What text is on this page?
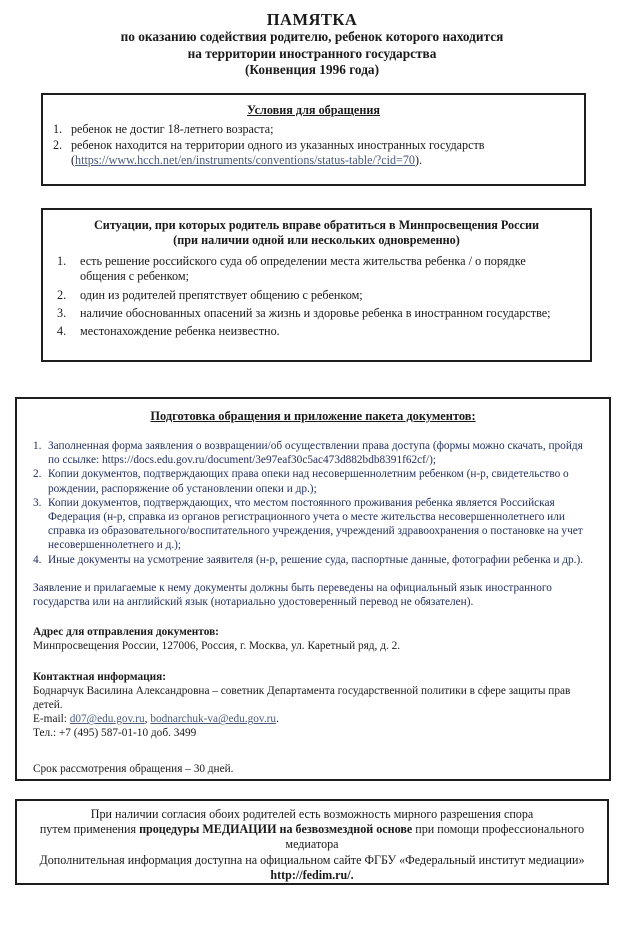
ПАМЯТКА
по оказанию содействия родителю, ребенок которого находится
на территории иностранного государства
(Конвенция 1996 года)
Условия для обращения
1. ребенок не достиг 18-летнего возраста;
2. ребенок находится на территории одного из указанных иностранных государств
(https://www.hcch.net/en/instruments/conventions/status-table/?cid=70).
Ситуации, при которых родитель вправе обратиться в Минпросвещения России
(при наличии одной или нескольких одновременно)
1. есть решение российского суда об определении места жительства ребенка / о порядке общения с ребенком;
2. один из родителей препятствует общению с ребенком;
3. наличие обоснованных опасений за жизнь и здоровье ребенка в иностранном государстве;
4. местонахождение ребенка неизвестно.
Подготовка обращения и приложение пакета документов:
1. Заполненная форма заявления о возвращении/об осуществлении права доступа (формы можно скачать, пройдя по ссылке: https://docs.edu.gov.ru/document/3e97eaf30c5ac473d882bdb8391f62cf/);
2. Копии документов, подтверждающих права опеки над несовершеннолетним ребенком (н-р, свидетельство о рождении, распоряжение об установлении опеки и др.);
3. Копии документов, подтверждающих, что местом постоянного проживания ребенка является Российская Федерация (н-р, справка из органов регистрационного учета о месте жительства несовершеннолетнего или справка из образовательного/воспитательного учреждения, учреждений здравоохранения о постановке на учет несовершеннолетнего и д.);
4. Иные документы на усмотрение заявителя (н-р, решение суда, паспортные данные, фотографии ребенка и др.).
Заявление и прилагаемые к нему документы должны быть переведены на официальный язык иностранного государства или на английский язык (нотариально удостоверенный перевод не обязателен).
Адрес для отправления документов:
Минпросвещения России, 127006, Россия, г. Москва, ул. Каретный ряд, д. 2.
Контактная информация:
Боднарчук Василина Александровна – советник Департамента государственной политики в сфере защиты прав детей.
E-mail: d07@edu.gov.ru, bodnarchuk-va@edu.gov.ru.
Тел.: +7 (495) 587-01-10 доб. 3499
Срок рассмотрения обращения – 30 дней.
При наличии согласия обоих родителей есть возможность мирного разрешения спора
путем применения процедуры МЕДИАЦИИ на безвозмездной основе при помощи профессионального
медиатора
Дополнительная информация доступна на официальном сайте ФГБУ «Федеральный институт медиации»
http://fedim.ru/.
